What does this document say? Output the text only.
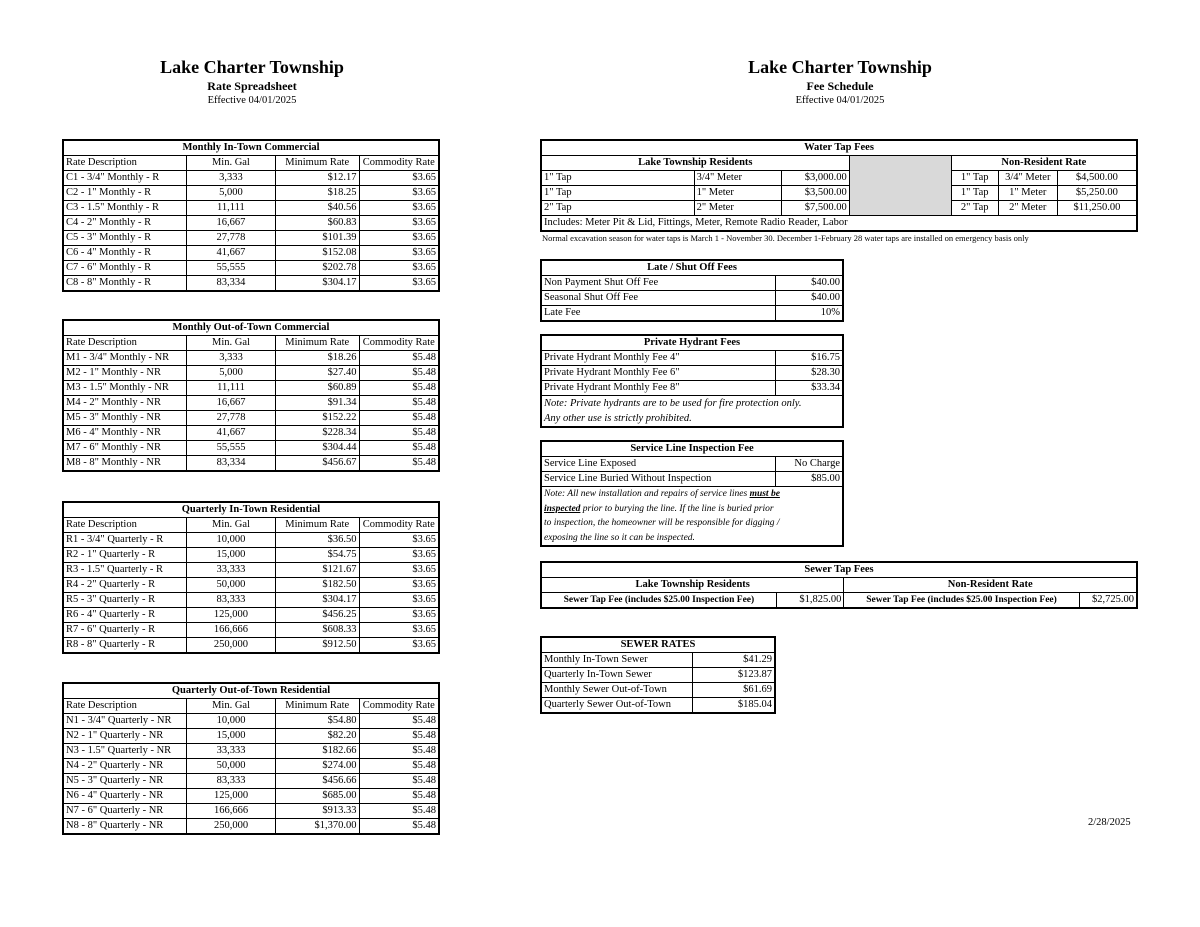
Lake Charter Township
Rate Spreadsheet
Effective 04/01/2025
Lake Charter Township
Fee Schedule
Effective 04/01/2025
Monthly In-Town Commercial			
Rate Description	Min. Gal	Minimum Rate	Commodity Rate
C1 - 3/4" Monthly - R	3,333	$12.17	$3.65
C2 - 1" Monthly - R	5,000	$18.25	$3.65
C3 - 1.5" Monthly - R	11,111	$40.56	$3.65
C4 - 2" Monthly - R	16,667	$60.83	$3.65
C5 - 3" Monthly - R	27,778	$101.39	$3.65
C6 - 4" Monthly - R	41,667	$152.08	$3.65
C7 - 6" Monthly - R	55,555	$202.78	$3.65
C8 - 8" Monthly - R	83,334	$304.17	$3.65
Monthly Out-of-Town Commercial			
Rate Description	Min. Gal	Minimum Rate	Commodity Rate
M1 - 3/4" Monthly - NR	3,333	$18.26	$5.48
M2 - 1" Monthly - NR	5,000	$27.40	$5.48
M3 - 1.5" Monthly - NR	11,111	$60.89	$5.48
M4 - 2" Monthly - NR	16,667	$91.34	$5.48
M5 - 3" Monthly - NR	27,778	$152.22	$5.48
M6 - 4" Monthly - NR	41,667	$228.34	$5.48
M7 - 6" Monthly - NR	55,555	$304.44	$5.48
M8 - 8" Monthly - NR	83,334	$456.67	$5.48
Quarterly In-Town Residential			
Rate Description	Min. Gal	Minimum Rate	Commodity Rate
R1 - 3/4" Quarterly - R	10,000	$36.50	$3.65
R2 - 1" Quarterly - R	15,000	$54.75	$3.65
R3 - 1.5" Quarterly - R	33,333	$121.67	$3.65
R4 - 2" Quarterly - R	50,000	$182.50	$3.65
R5 - 3" Quarterly - R	83,333	$304.17	$3.65
R6 - 4" Quarterly - R	125,000	$456.25	$3.65
R7 - 6" Quarterly - R	166,666	$608.33	$3.65
R8 - 8" Quarterly - R	250,000	$912.50	$3.65
Quarterly Out-of-Town Residential			
Rate Description	Min. Gal	Minimum Rate	Commodity Rate
N1 - 3/4" Quarterly - NR	10,000	$54.80	$5.48
N2 - 1" Quarterly - NR	15,000	$82.20	$5.48
N3 - 1.5" Quarterly - NR	33,333	$182.66	$5.48
N4 - 2" Quarterly - NR	50,000	$274.00	$5.48
N5 - 3" Quarterly - NR	83,333	$456.66	$5.48
N6 - 4" Quarterly - NR	125,000	$685.00	$5.48
N7 - 6" Quarterly - NR	166,666	$913.33	$5.48
N8 - 8" Quarterly - NR	250,000	$1,370.00	$5.48
Water Tap Fees						
Lake Township Residents				Non-Resident Rate		
1" Tap	3/4" Meter	$3,000.00		1" Tap	3/4" Meter	$4,500.00
1" Tap	1" Meter	$3,500.00		1" Tap	1" Meter	$5,250.00
2" Tap	2" Meter	$7,500.00		2" Tap	2" Meter	$11,250.00
Includes: Meter Pit & Lid, Fittings, Meter, Remote Radio Reader, Labor						
Normal excavation season for water taps is March 1 - November 30. December 1-February 28 water taps are installed on emergency basis only
Late / Shut Off Fees	
Non Payment Shut Off Fee	$40.00
Seasonal Shut Off Fee	$40.00
Late Fee	10%
Private Hydrant Fees	
Private Hydrant Monthly Fee 4"	$16.75
Private Hydrant Monthly Fee 6"	$28.30
Private Hydrant Monthly Fee 8"	$33.34
Note: Private hydrants are to be used for fire protection only.
Any other use is strictly prohibited.	
Service Line Inspection Fee	
Service Line Exposed	No Charge
Service Line Buried Without Inspection	$85.00
Note: All new installation and repairs of service lines must be
inspected prior to burying the line. If the line is buried prior
to inspection, the homeowner will be responsible for digging /
exposing the line so it can be inspected.	
Sewer Tap Fees			
Lake Township Residents		Non-Resident Rate	
Sewer Tap Fee (includes $25.00 Inspection Fee)	$1,825.00	Sewer Tap Fee (includes $25.00 Inspection Fee)	$2,725.00
SEWER RATES	
Monthly In-Town Sewer	$41.29
Quarterly In-Town Sewer	$123.87
Monthly Sewer Out-of-Town	$61.69
Quarterly Sewer Out-of-Town	$185.04
2/28/2025
